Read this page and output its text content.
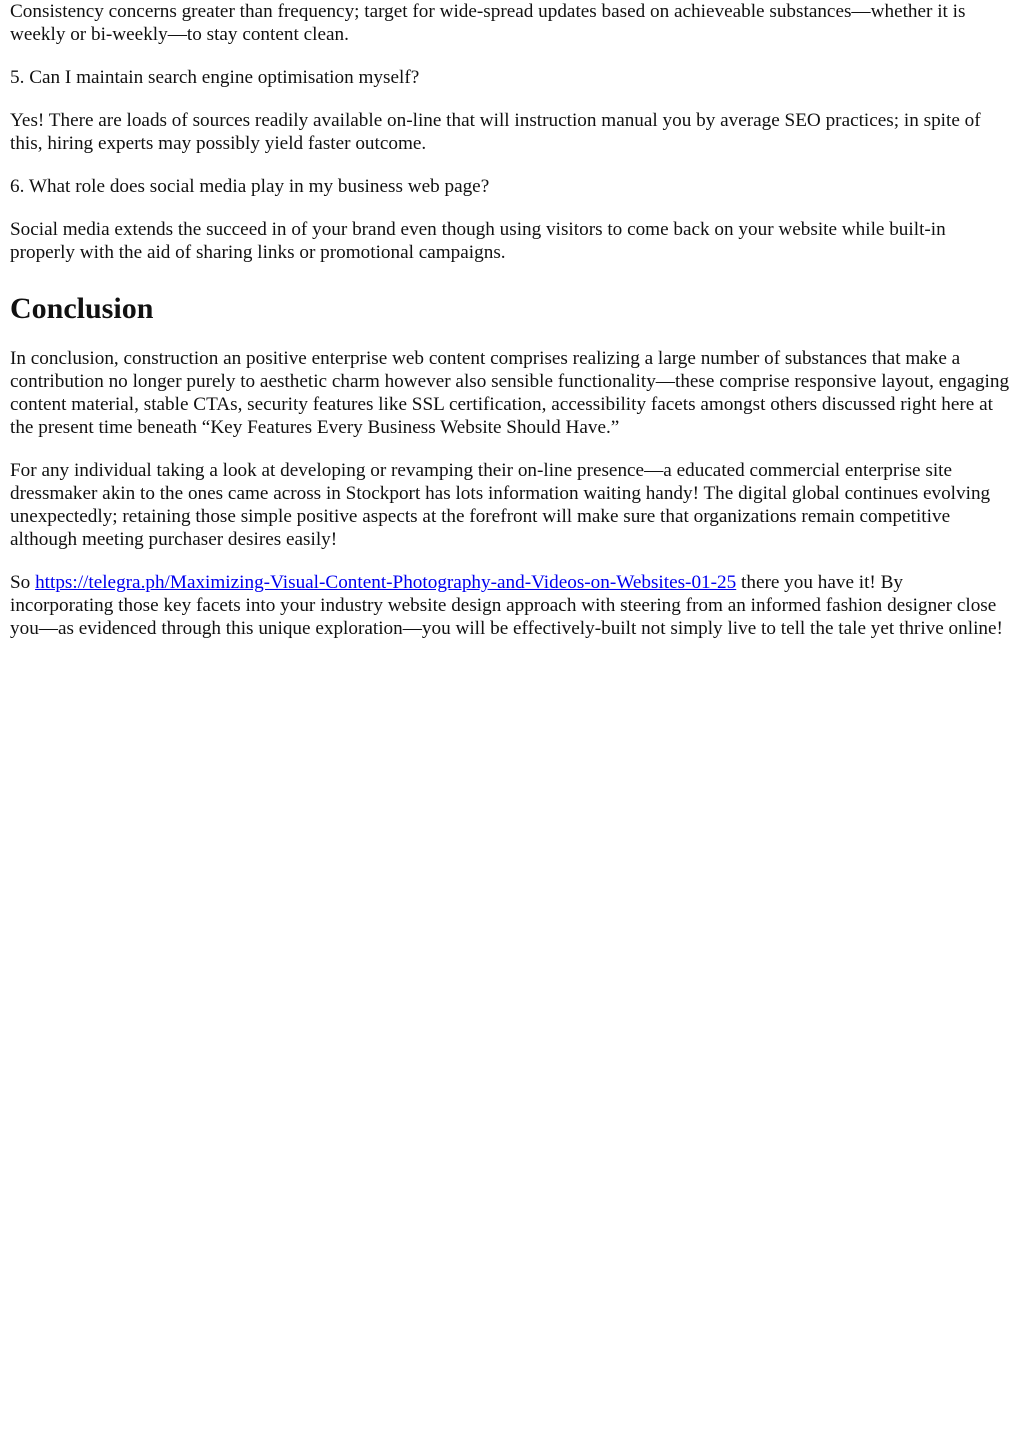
Consistency concerns greater than frequency; target for wide-spread updates based on achieveable substances—whether it is weekly or bi-weekly—to stay content clean.

5. Can I maintain search engine optimisation myself?

Yes! There are loads of sources readily available on-line that will instruction manual you by average SEO practices; in spite of this, hiring experts may possibly yield faster outcome.

6. What role does social media play in my business web page?

Social media extends the succeed in of your brand even though using visitors to come back on your website while built-in properly with the aid of sharing links or promotional campaigns.

Conclusion

In conclusion, construction an positive enterprise web content comprises realizing a large number of substances that make a contribution no longer purely to aesthetic charm however also sensible functionality—these comprise responsive layout, engaging content material, stable CTAs, security features like SSL certification, accessibility facets amongst others discussed right here at the present time beneath “Key Features Every Business Website Should Have.”

For any individual taking a look at developing or revamping their on-line presence—a educated commercial enterprise site dressmaker akin to the ones came across in Stockport has lots information waiting handy! The digital global continues evolving unexpectedly; retaining those simple positive aspects at the forefront will make sure that organizations remain competitive although meeting purchaser desires easily!

So https://telegra.ph/Maximizing-Visual-Content-Photography-and-Videos-on-Websites-01-25 there you have it! By incorporating those key facets into your industry website design approach with steering from an informed fashion designer close you—as evidenced through this unique exploration—you will be effectively-built not simply live to tell the tale yet thrive online!
